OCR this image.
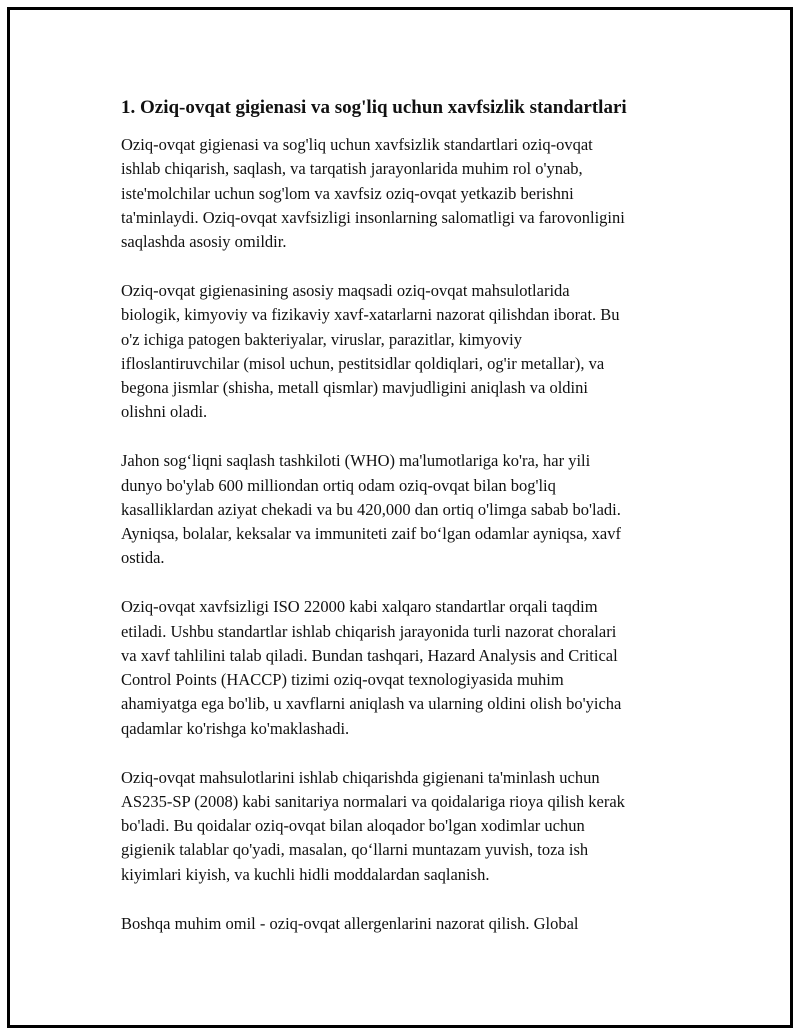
1. Oziq-ovqat gigienasi va sog'liq uchun xavfsizlik standartlari

Oziq-ovqat gigienasi va sog'liq uchun xavfsizlik standartlari oziq-ovqat
ishlab chiqarish, saqlash, va tarqatish jarayonlarida muhim rol o'ynab,
iste'molchilar uchun sog'lom va xavfsiz oziq-ovqat yetkazib berishni
ta'minlaydi. Oziq-ovqat xavfsizligi insonlarning salomatligi va farovonligini
saqlashda asosiy omildir.

Oziq-ovqat gigienasining asosiy maqsadi oziq-ovqat mahsulotlarida
biologik, kimyoviy va fizikaviy xavf-xatarlarni nazorat qilishdan iborat. Bu
o'z ichiga patogen bakteriyalar, viruslar, parazitlar, kimyoviy
ifloslantiruvchilar (misol uchun, pestitsidlar qoldiqlari, og'ir metallar), va
begona jismlar (shisha, metall qismlar) mavjudligini aniqlash va oldini
olishni oladi.

Jahon sog‘liqni saqlash tashkiloti (WHO) ma'lumotlariga ko'ra, har yili
dunyo bo'ylab 600 milliondan ortiq odam oziq-ovqat bilan bog'liq
kasalliklardan aziyat chekadi va bu 420,000 dan ortiq o'limga sabab bo'ladi.
Ayniqsa, bolalar, keksalar va immuniteti zaif bo‘lgan odamlar ayniqsa, xavf
ostida.

Oziq-ovqat xavfsizligi ISO 22000 kabi xalqaro standartlar orqali taqdim
etiladi. Ushbu standartlar ishlab chiqarish jarayonida turli nazorat choralari
va xavf tahlilini talab qiladi. Bundan tashqari, Hazard Analysis and Critical
Control Points (HACCP) tizimi oziq-ovqat texnologiyasida muhim
ahamiyatga ega bo'lib, u xavflarni aniqlash va ularning oldini olish bo'yicha
qadamlar ko'rishga ko'maklashadi.

Oziq-ovqat mahsulotlarini ishlab chiqarishda gigienani ta'minlash uchun
AS235-SP (2008) kabi sanitariya normalari va qoidalariga rioya qilish kerak
bo'ladi. Bu qoidalar oziq-ovqat bilan aloqador bo'lgan xodimlar uchun
gigienik talablar qo'yadi, masalan, qo‘llarni muntazam yuvish, toza ish
kiyimlari kiyish, va kuchli hidli moddalardan saqlanish.

Boshqa muhim omil - oziq-ovqat allergenlarini nazorat qilish. Global
